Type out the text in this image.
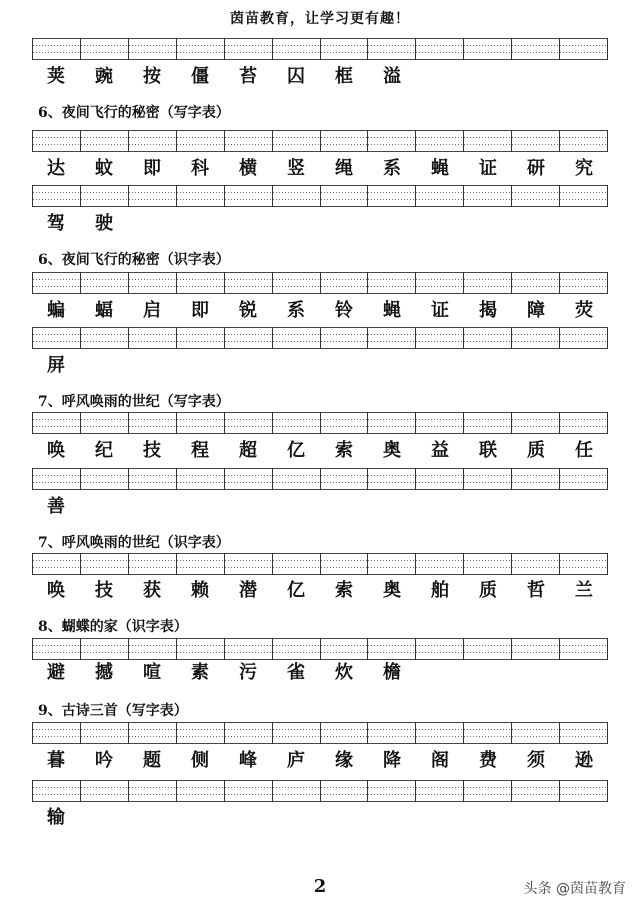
茵苗教育，让学习更有趣！
荚	豌	按	僵	苔	囚	框	溢
6、夜间飞行的秘密（写字表）
达	蚊	即	科	横	竖	绳	系	蝇	证	研	究
驾	驶
6、夜间飞行的秘密（识字表）
蝙	蝠	启	即	锐	系	铃	蝇	证	揭	障	荧
屏
7、呼风唤雨的世纪（写字表）
唤	纪	技	程	超	亿	索	奥	益	联	质	任
善
7、呼风唤雨的世纪（识字表）
唤	技	获	赖	潜	亿	索	奥	舶	质	哲	兰
8、蝴蝶的家（识字表）
避	撼	喧	素	污	雀	炊	檐
9、古诗三首（写字表）
暮	吟	题	侧	峰	庐	缘	降	阁	费	须	逊
输
2	头条 @茵苗教育
